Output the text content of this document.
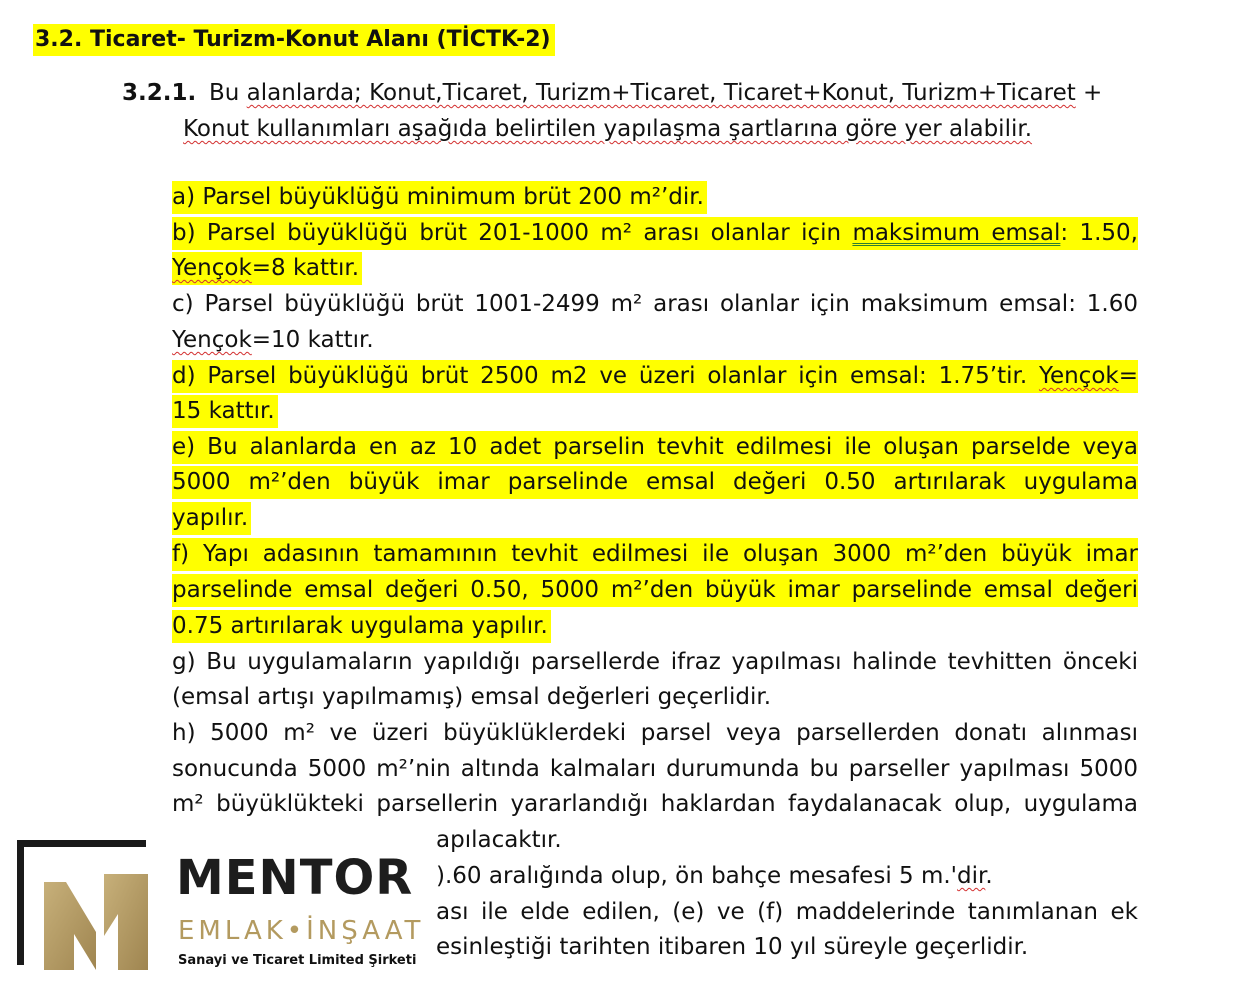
3.2. Ticaret- Turizm-Konut Alanı (TİCTK-2)
3.2.1. Bu alanlarda; Konut,Ticaret, Turizm+Ticaret, Ticaret+Konut, Turizm+Ticaret +
Konut kullanımları aşağıda belirtilen yapılaşma şartlarına göre yer alabilir.
a) Parsel büyüklüğü minimum brüt 200 m²’dir.
b) Parsel büyüklüğü brüt 201-1000 m² arası olanlar için maksimum emsal: 1.50,
Yençok=8 kattır.
c) Parsel büyüklüğü brüt 1001-2499 m² arası olanlar için maksimum emsal: 1.60
Yençok=10 kattır.
d) Parsel büyüklüğü brüt 2500 m2 ve üzeri olanlar için emsal: 1.75’tir. Yençok=
15 kattır.
e) Bu alanlarda en az 10 adet parselin tevhit edilmesi ile oluşan parselde veya
5000 m²’den büyük imar parselinde emsal değeri 0.50 artırılarak uygulama
yapılır.
f) Yapı adasının tamamının tevhit edilmesi ile oluşan 3000 m²’den büyük imar
parselinde emsal değeri 0.50, 5000 m²’den büyük imar parselinde emsal değeri
0.75 artırılarak uygulama yapılır.
g) Bu uygulamaların yapıldığı parsellerde ifraz yapılması halinde tevhitten önceki
(emsal artışı yapılmamış) emsal değerleri geçerlidir.
h) 5000 m² ve üzeri büyüklüklerdeki parsel veya parsellerden donatı alınması
sonucunda 5000 m²’nin altında kalmaları durumunda bu parseller yapılması 5000
m² büyüklükteki parsellerin yararlandığı haklardan faydalanacak olup, uygulama
apılacaktır.
).60 aralığında olup, ön bahçe mesafesi 5 m.'dir.
ası ile elde edilen, (e) ve (f) maddelerinde tanımlanan ek
esinleştiği tarihten itibaren 10 yıl süreyle geçerlidir.
MENTOR
EMLAK•İNŞAAT
Sanayi ve Ticaret Limited Şirketi
